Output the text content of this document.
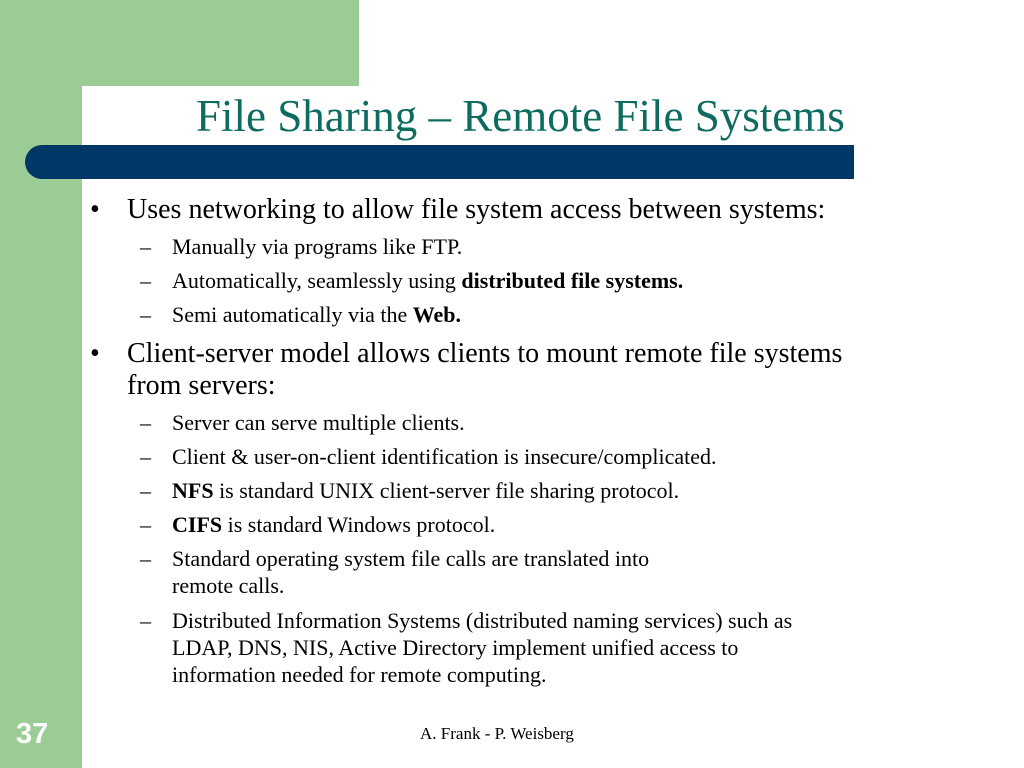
File Sharing – Remote File Systems
• Uses networking to allow file system access between systems:
– Manually via programs like FTP.
– Automatically, seamlessly using distributed file systems.
– Semi automatically via the Web.
• Client-server model allows clients to mount remote file systems
from servers:
– Server can serve multiple clients.
– Client & user-on-client identification is insecure/complicated.
– NFS is standard UNIX client-server file sharing protocol.
– CIFS is standard Windows protocol.
– Standard operating system file calls are translated into
remote calls.
– Distributed Information Systems (distributed naming services) such as
LDAP, DNS, NIS, Active Directory implement unified access to
information needed for remote computing.
37	A. Frank - P. Weisberg
